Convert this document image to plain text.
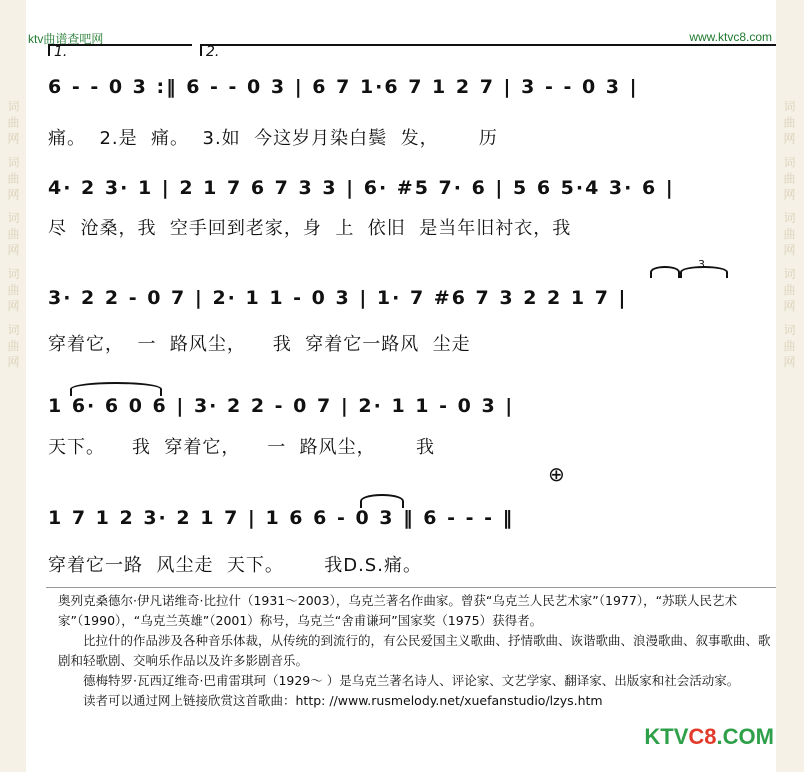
词曲网 词曲网 词曲网 词曲网 词曲网	词曲网 词曲网 词曲网 词曲网 词曲网
ktv曲谱查吧网	www.ktvc8.com
1.	2.
6 - - 0 3 :‖ 6 - - 0 3 | 6 7 1·6 7 1 2 7 | 3 - - 0 3 |
痛。  2.是  痛。  3.如  今这岁月染白鬓  发，      历
4· 2 3· 1 | 2 1 7 6 7 3 3 | 6· #5 7· 6 | 5 6 5·4 3· 6 |
尽  沧桑，我  空手回到老家，身  上  依旧  是当年旧衬衣，我
3
3· 2 2 - 0 7 | 2· 1 1 - 0 3 | 1· 7 #6 7 3 2 2 1 7 |
穿着它，  一  路风尘，    我  穿着它一路风  尘走
1 6· 6 0 6 | 3· 2 2 - 0 7 | 2· 1 1 - 0 3 |
天下。    我  穿着它，    一  路风尘，      我
⊕
1 7 1 2 3· 2 1 7 | 1 6 6 - 0 3 ‖ 6 - - - ‖
穿着它一路  风尘走  天下。      我D.S.痛。

奥列克桑德尔·伊凡诺维奇·比拉什（1931～2003），乌克兰著名作曲家。曾获“乌克兰人民艺术家”（1977），“苏联人民艺术家”（1990），“乌克兰英雄”（2001）称号，乌克兰“舍甫谦珂”国家奖（1975）获得者。

比拉什的作品涉及各种音乐体裁，从传统的到流行的，有公民爱国主义歌曲、抒情歌曲、诙谐歌曲、浪漫歌曲、叙事歌曲、歌剧和轻歌剧、交响乐作品以及许多影剧音乐。

德梅特罗·瓦西辽维奇·巴甫雷琪珂（1929～ ）是乌克兰著名诗人、评论家、文艺学家、翻译家、出版家和社会活动家。

读者可以通过网上链接欣赏这首歌曲：http: //www.rusmelody.net/xuefanstudio/lzys.htm

KTVC8.COM
